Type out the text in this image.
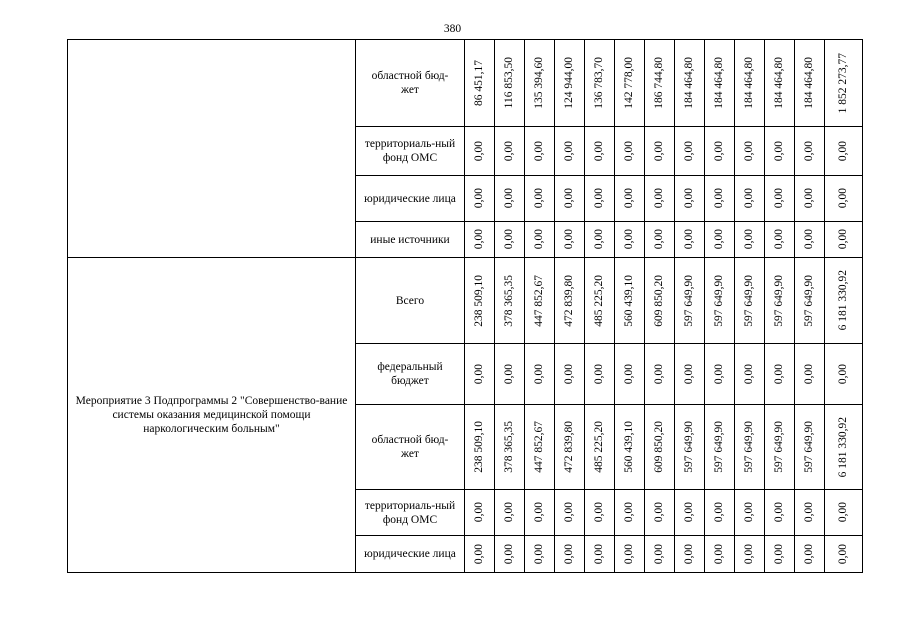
380

	областной бюд-жет	86 451,17	116 853,50	135 394,60	124 944,00	136 783,70	142 778,00	186 744,80	184 464,80	184 464,80	184 464,80	184 464,80	184 464,80	1 852 273,77

	территориаль-ный фонд ОМС	0,00	0,00	0,00	0,00	0,00	0,00	0,00	0,00	0,00	0,00	0,00	0,00	0,00

	юридические лица	0,00	0,00	0,00	0,00	0,00	0,00	0,00	0,00	0,00	0,00	0,00	0,00	0,00

	иные источники	0,00	0,00	0,00	0,00	0,00	0,00	0,00	0,00	0,00	0,00	0,00	0,00	0,00

Мероприятие 3 Подпрограммы 2 "Совершенство-вание системы оказания медицинской помощи наркологическим больным"	Всего	238 509,10	378 365,35	447 852,67	472 839,80	485 225,20	560 439,10	609 850,20	597 649,90	597 649,90	597 649,90	597 649,90	597 649,90	6 181 330,92

	федеральный бюджет	0,00	0,00	0,00	0,00	0,00	0,00	0,00	0,00	0,00	0,00	0,00	0,00	0,00

	областной бюд-жет	238 509,10	378 365,35	447 852,67	472 839,80	485 225,20	560 439,10	609 850,20	597 649,90	597 649,90	597 649,90	597 649,90	597 649,90	6 181 330,92

	территориаль-ный фонд ОМС	0,00	0,00	0,00	0,00	0,00	0,00	0,00	0,00	0,00	0,00	0,00	0,00	0,00

	юридические лица	0,00	0,00	0,00	0,00	0,00	0,00	0,00	0,00	0,00	0,00	0,00	0,00	0,00
